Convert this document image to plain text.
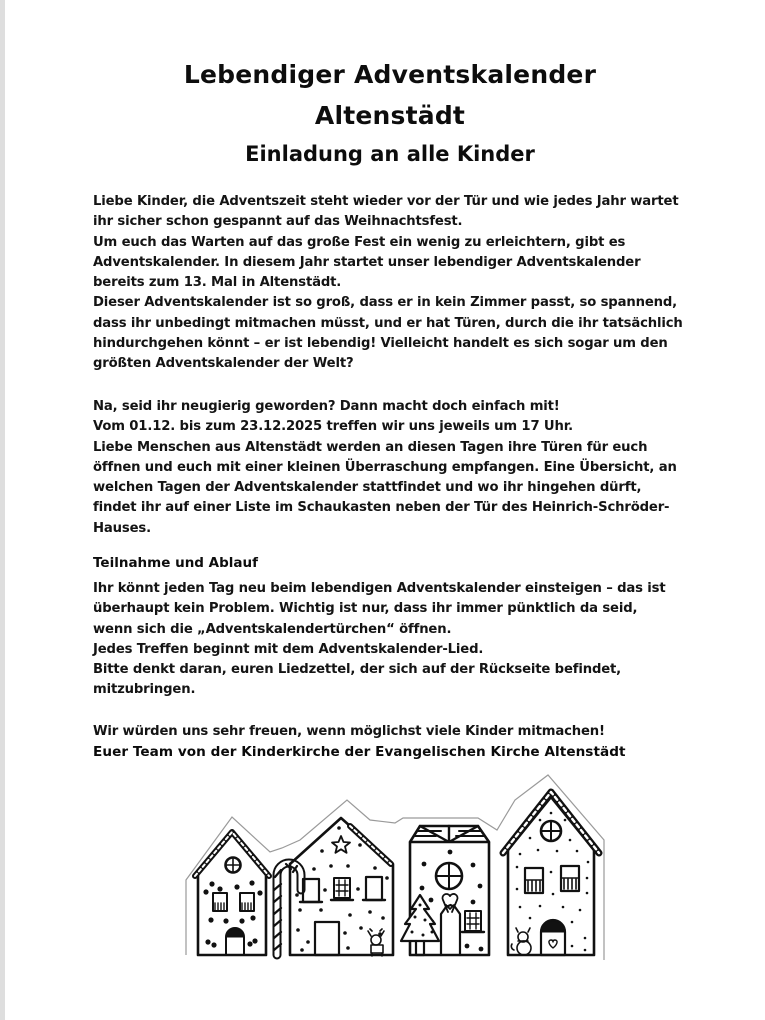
Lebendiger Adventskalender
Altenstädt
Einladung an alle Kinder
Liebe Kinder, die Adventszeit steht wieder vor der Tür und wie jedes Jahr wartet
ihr sicher schon gespannt auf das Weihnachtsfest.
Um euch das Warten auf das große Fest ein wenig zu erleichtern, gibt es
Adventskalender. In diesem Jahr startet unser lebendiger Adventskalender
bereits zum 13. Mal in Altenstädt.
Dieser Adventskalender ist so groß, dass er in kein Zimmer passt, so spannend,
dass ihr unbedingt mitmachen müsst, und er hat Türen, durch die ihr tatsächlich
hindurchgehen könnt – er ist lebendig! Vielleicht handelt es sich sogar um den
größten Adventskalender der Welt?
Na, seid ihr neugierig geworden? Dann macht doch einfach mit!
Vom 01.12. bis zum 23.12.2025 treffen wir uns jeweils um 17 Uhr.
Liebe Menschen aus Altenstädt werden an diesen Tagen ihre Türen für euch
öffnen und euch mit einer kleinen Überraschung empfangen. Eine Übersicht, an
welchen Tagen der Adventskalender stattfindet und wo ihr hingehen dürft,
findet ihr auf einer Liste im Schaukasten neben der Tür des Heinrich-Schröder-
Hauses.
Teilnahme und Ablauf
Ihr könnt jeden Tag neu beim lebendigen Adventskalender einsteigen – das ist
überhaupt kein Problem. Wichtig ist nur, dass ihr immer pünktlich da seid,
wenn sich die „Adventskalendertürchen“ öffnen.
Jedes Treffen beginnt mit dem Adventskalender-Lied.
Bitte denkt daran, euren Liedzettel, der sich auf der Rückseite befindet,
mitzubringen.
Wir würden uns sehr freuen, wenn möglichst viele Kinder mitmachen!
Euer Team von der Kinderkirche der Evangelischen Kirche Altenstädt
